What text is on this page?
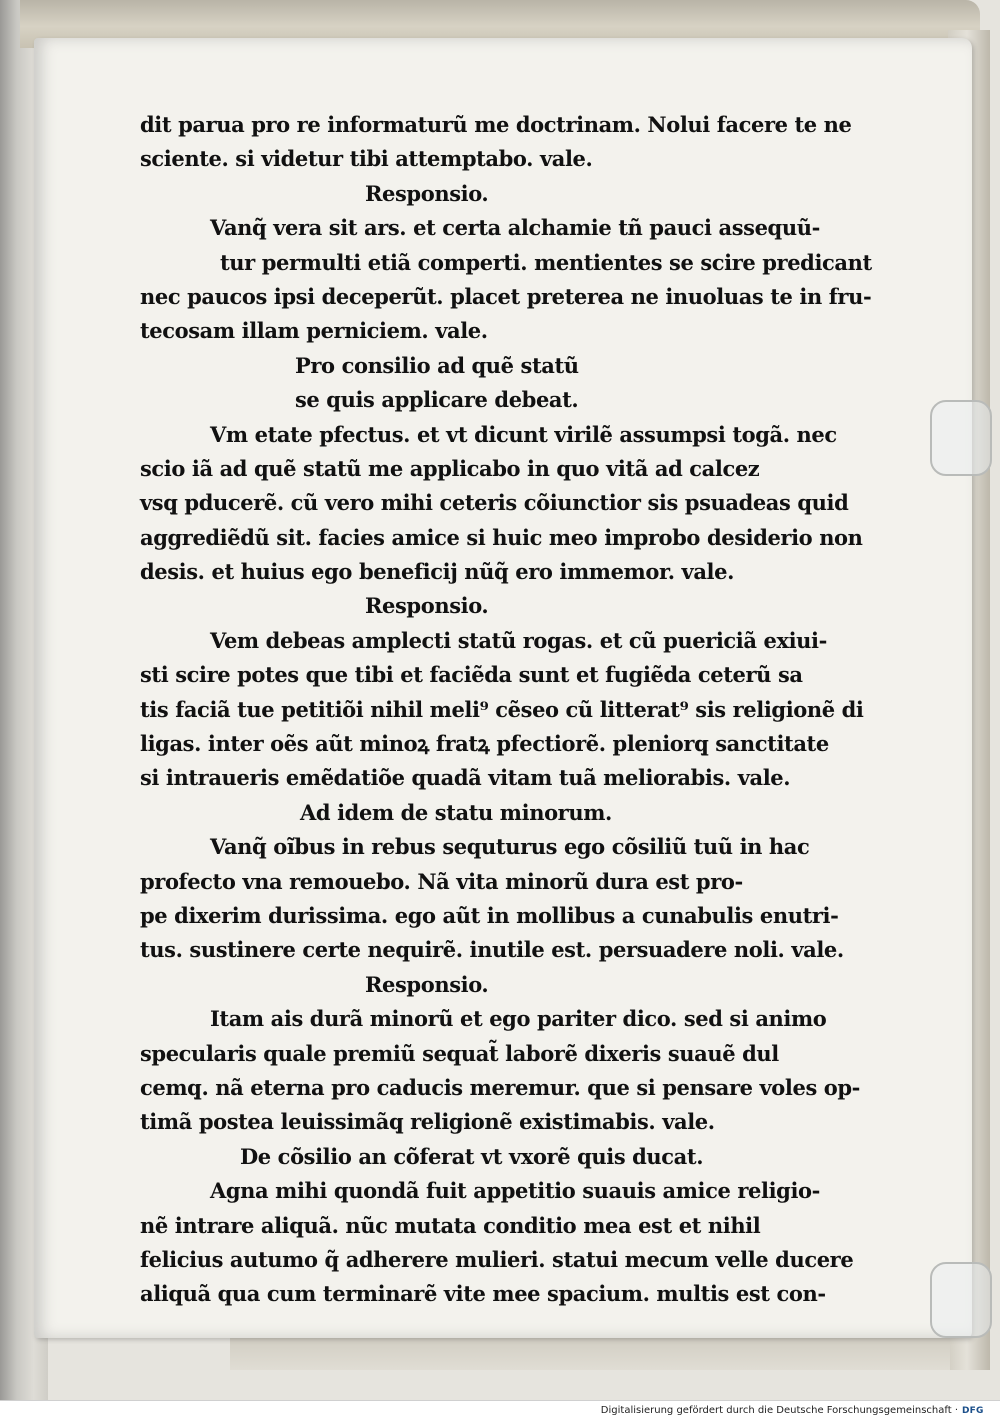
dit parua pro re informaturũ me doctrinam. Nolui facere te ne
sciente. si videtur tibi attemptabo. vale.
Responsio.
Vanq̃ vera sit ars. et certa alchamie tñ pauci assequũ-
tur permulti etiã comperti. mentientes se scire predicant
nec paucos ipsi deceperũt. placet preterea ne inuoluas te in fru-
tecosam illam perniciem. vale.
Pro consilio ad quẽ statũ
se quis applicare debeat.
Vm etate pfectus. et vt dicunt virilẽ assumpsi togã. nec
scio iã ad quẽ statũ me applicabo in quo vitã ad calcez
vsq̧ pducerẽ. cũ vero mihi ceteris cõiunctior sis psuadeas quid
aggrediẽdũ sit. facies amice si huic meo improbo desiderio non
desis. et huius ego beneficij nũq̃ ero immemor. vale.
Responsio.
Vem debeas amplecti statũ rogas. et cũ puericiã exiui-
sti scire potes que tibi et faciẽda sunt et fugiẽda ceterũ sa
tis faciã tue petitiõi nihil meli⁹ cẽseo cũ litterat⁹ sis religionẽ di
ligas. inter oẽs aũt minoꝝ fratꝝ pfectiorẽ. pleniorq̧ sanctitate
si intraueris emẽdatiõe quadã vitam tuã meliorabis. vale.
Ad idem de statu minorum.
Vanq̃ oĩbus in rebus sequturus ego cõsiliũ tuũ in hac
profecto vna remouebo. Nã vita minorũ dura est pro-
pe dixerim durissima. ego aũt in mollibus a cunabulis enutri-
tus. sustinere certe nequirẽ. inutile est. persuadere noli. vale.
Responsio.
Itam ais durã minorũ et ego pariter dico. sed si animo
specularis quale premiũ sequat̃ laborẽ dixeris suauẽ dul
cemq̧. nã eterna pro caducis meremur. que si pensare voles op-
timã postea leuissimãq̧ religionẽ existimabis. vale.
De cõsilio an cõferat vt vxorẽ quis ducat.
Agna mihi quondã fuit appetitio suauis amice religio-
nẽ intrare aliquã. nũc mutata conditio mea est et nihil
felicius autumo q̃ adherere mulieri. statui mecum velle ducere
aliquã qua cum terminarẽ vite mee spacium. multis est con-
Digitalisierung gefördert durch die Deutsche Forschungsgemeinschaft · DFG
